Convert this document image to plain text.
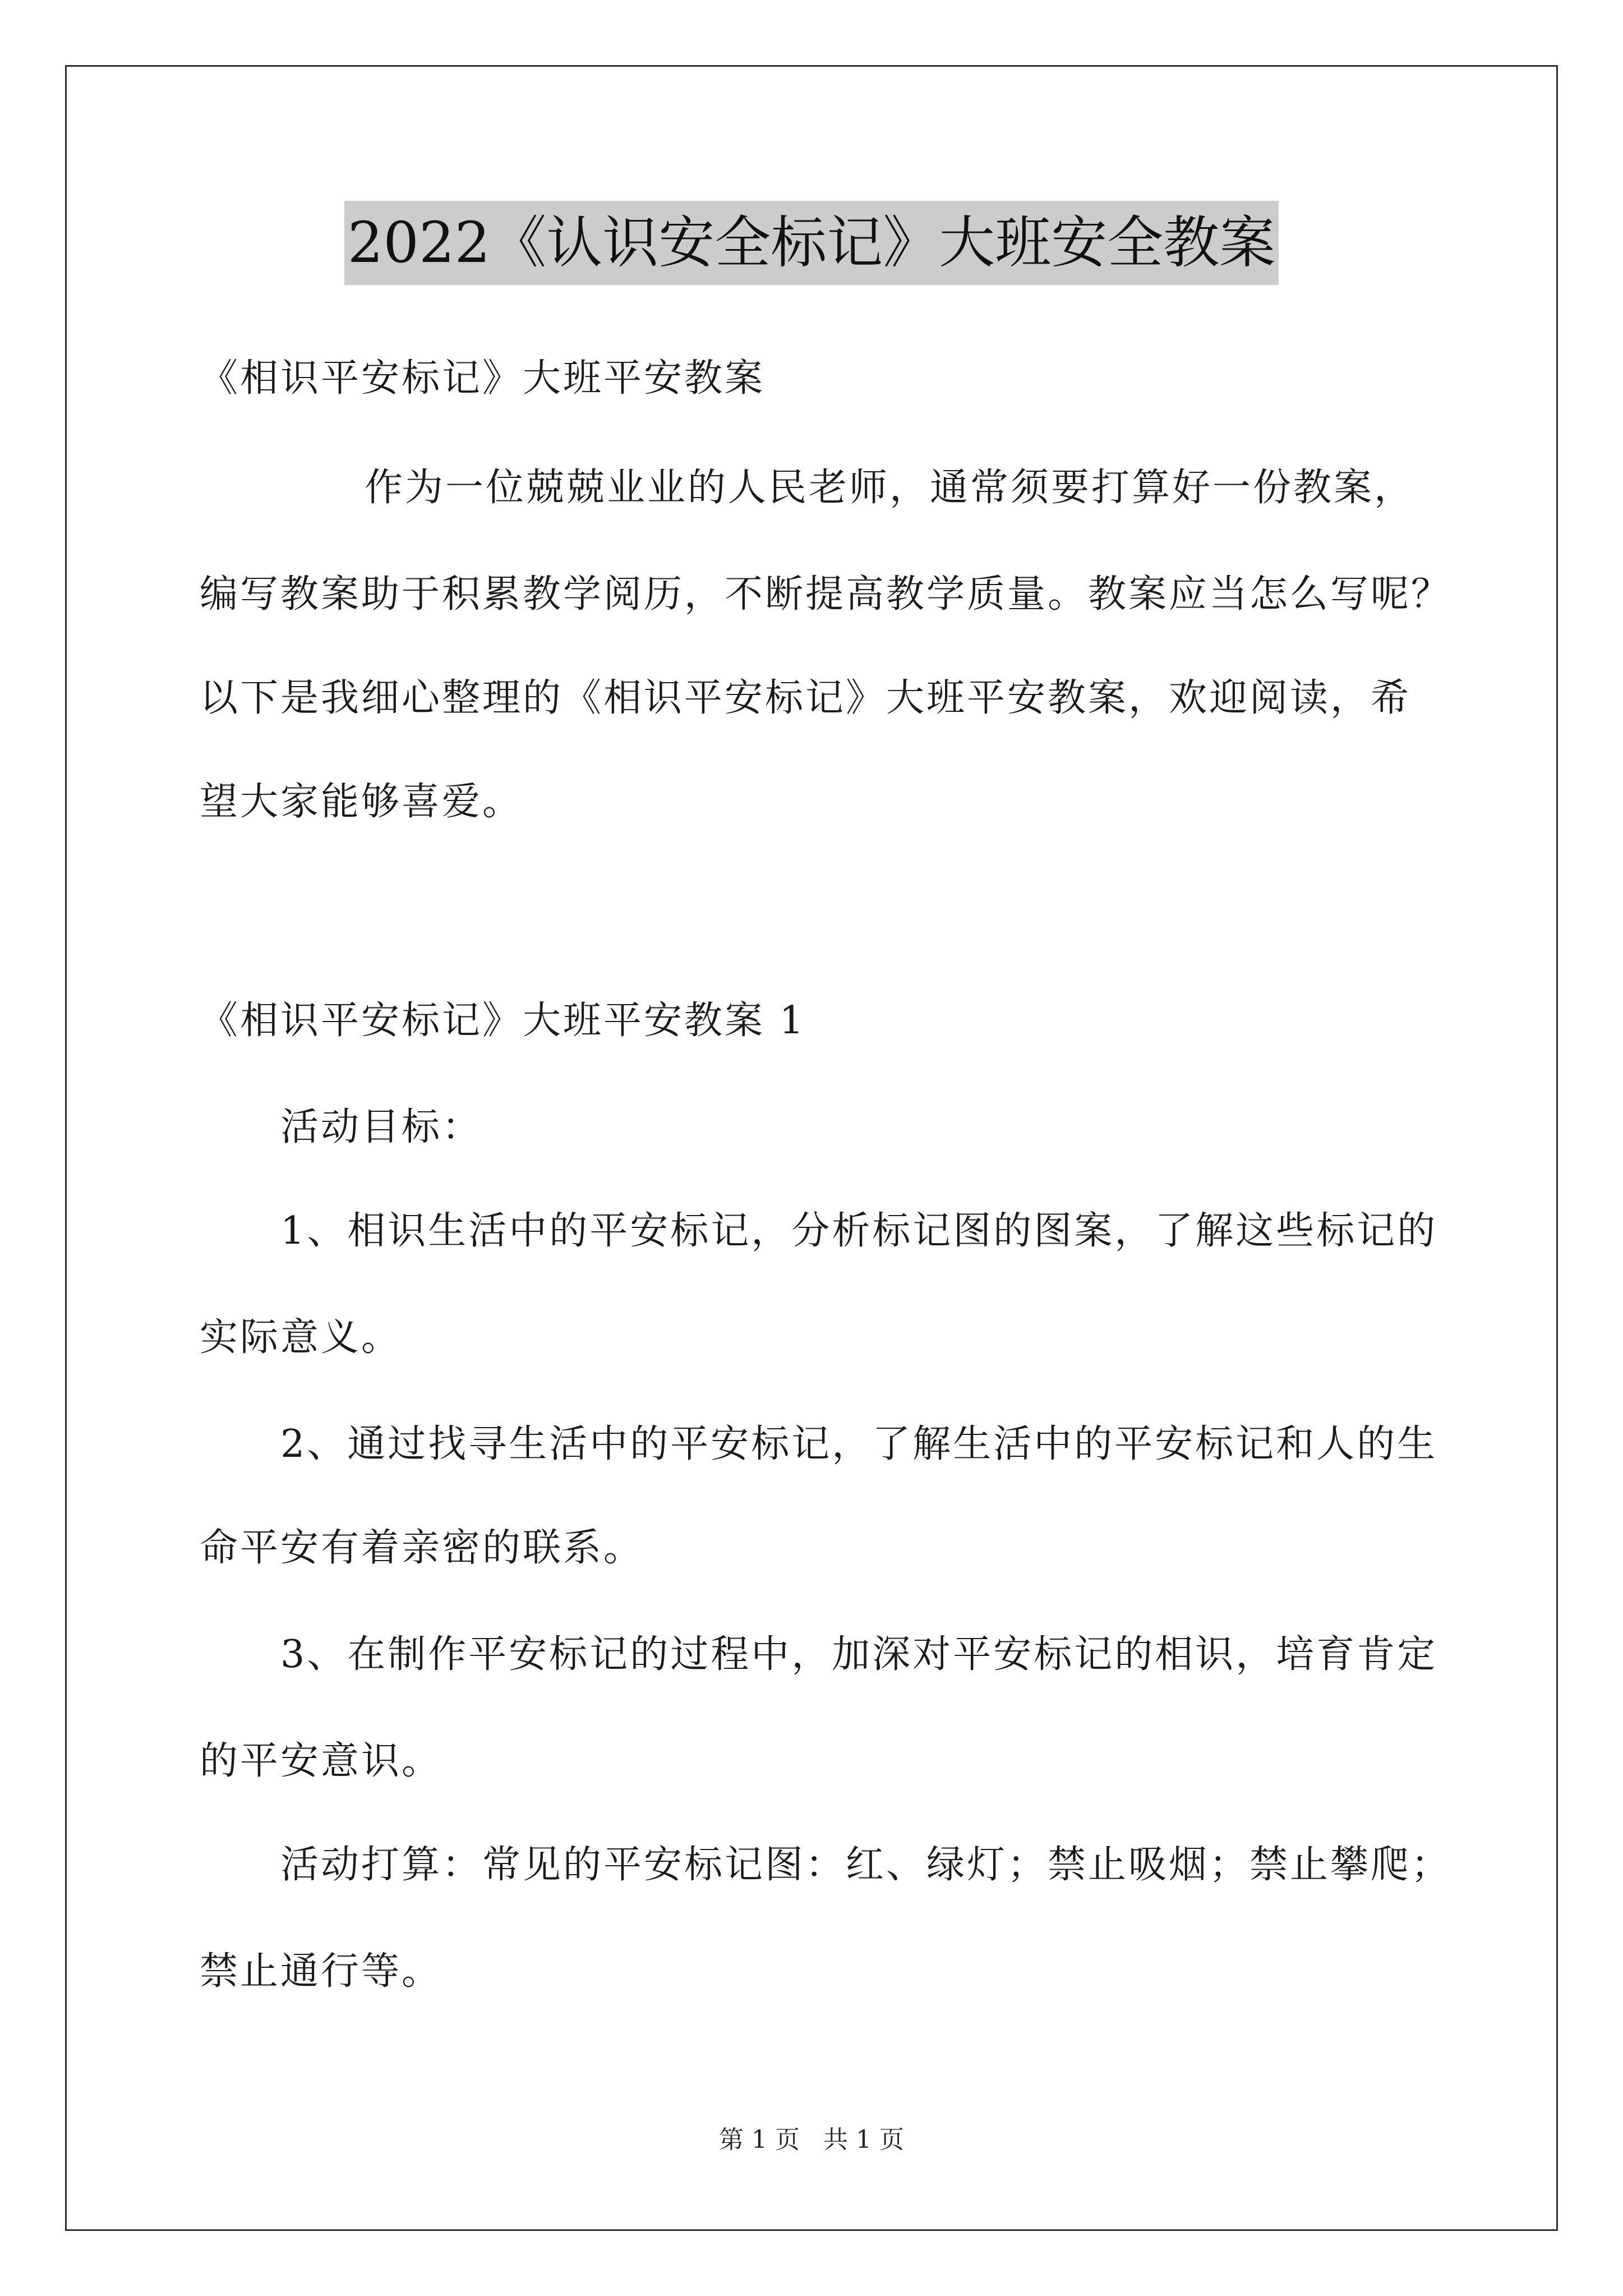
2022《认识安全标记》大班安全教案
《相识平安标记》大班平安教案
作为一位兢兢业业的人民老师，通常须要打算好一份教案，
编写教案助于积累教学阅历，不断提高教学质量。教案应当怎么写呢？
以下是我细心整理的《相识平安标记》大班平安教案，欢迎阅读，希
望大家能够喜爱。
《相识平安标记》大班平安教案 1
活动目标：
1、相识生活中的平安标记，分析标记图的图案，了解这些标记的
实际意义。
2、通过找寻生活中的平安标记，了解生活中的平安标记和人的生
命平安有着亲密的联系。
3、在制作平安标记的过程中，加深对平安标记的相识，培育肯定
的平安意识。
活动打算：常见的平安标记图：红、绿灯；禁止吸烟；禁止攀爬；
禁止通行等。
第 1 页   共 1 页
